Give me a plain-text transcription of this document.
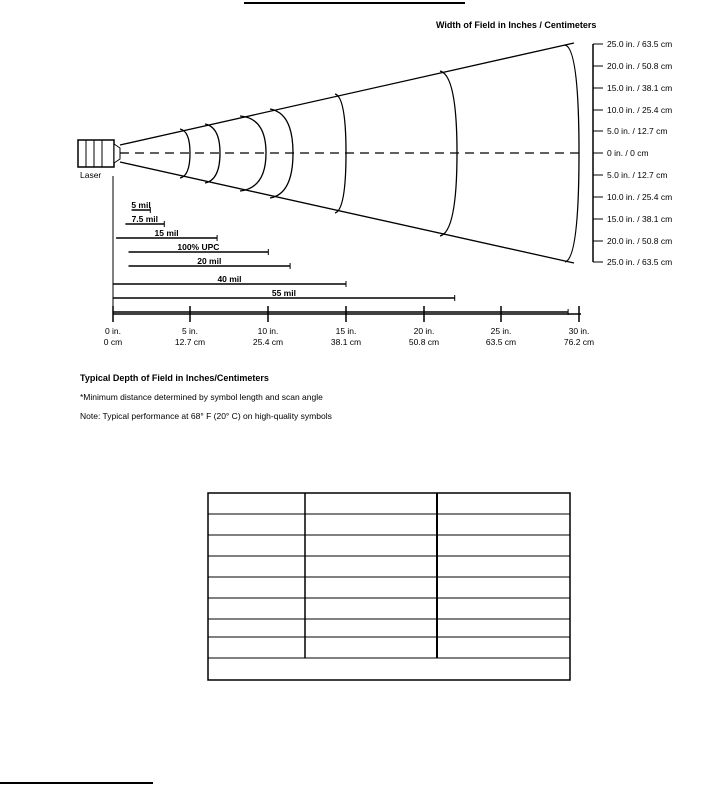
Width of Field in Inches / Centimeters
Laser
25.0 in. / 63.5 cm
20.0 in. / 50.8 cm
15.0 in. / 38.1 cm
10.0 in. / 25.4 cm
5.0 in. / 12.7 cm
0 in. / 0 cm
5.0 in. / 12.7 cm
10.0 in. / 25.4 cm
15.0 in. / 38.1 cm
20.0 in. / 50.8 cm
25.0 in. / 63.5 cm
5 mil
7.5 mil
15 mil
100% UPC
20 mil
40 mil
55 mil
0 in.
0 cm
5 in.
12.7 cm
10 in.
25.4 cm
15 in.
38.1 cm
20 in.
50.8 cm
25 in.
63.5 cm
30 in.
76.2 cm
Typical Depth of Field in Inches/Centimeters
*Minimum distance determined by symbol length and scan angle
Note: Typical performance at 68° F (20° C) on high-quality symbols
